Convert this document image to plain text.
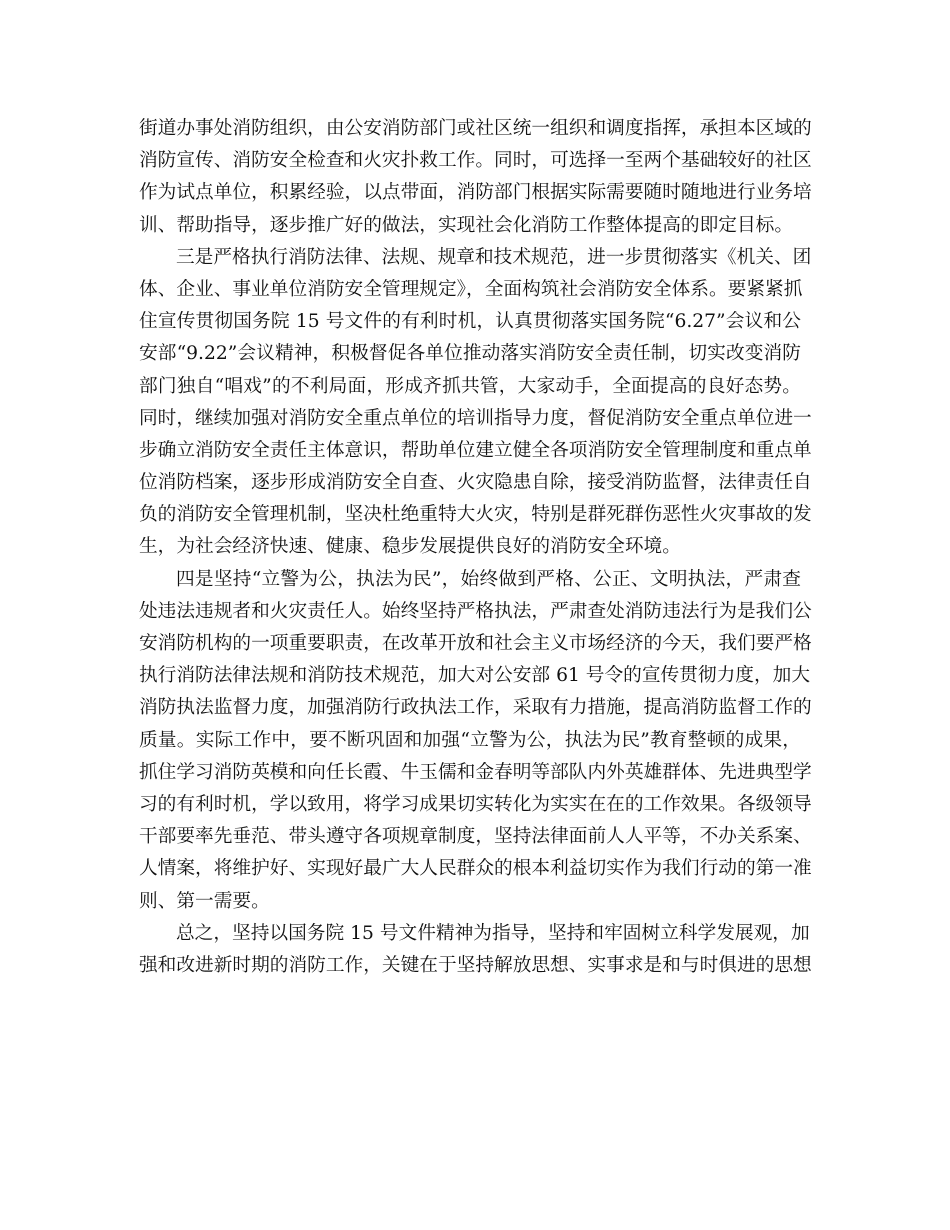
街道办事处消防组织，由公安消防部门或社区统一组织和调度指挥，承担本区域的
消防宣传、消防安全检查和火灾扑救工作。同时，可选择一至两个基础较好的社区
作为试点单位，积累经验，以点带面，消防部门根据实际需要随时随地进行业务培
训、帮助指导，逐步推广好的做法，实现社会化消防工作整体提高的即定目标。
三是严格执行消防法律、法规、规章和技术规范，进一步贯彻落实《机关、团
体、企业、事业单位消防安全管理规定》，全面构筑社会消防安全体系。要紧紧抓
住宣传贯彻国务院 15 号文件的有利时机，认真贯彻落实国务院“6.27”会议和公
安部“9.22”会议精神，积极督促各单位推动落实消防安全责任制，切实改变消防
部门独自“唱戏”的不利局面，形成齐抓共管，大家动手，全面提高的良好态势。
同时，继续加强对消防安全重点单位的培训指导力度，督促消防安全重点单位进一
步确立消防安全责任主体意识，帮助单位建立健全各项消防安全管理制度和重点单
位消防档案，逐步形成消防安全自查、火灾隐患自除，接受消防监督，法律责任自
负的消防安全管理机制，坚决杜绝重特大火灾，特别是群死群伤恶性火灾事故的发
生，为社会经济快速、健康、稳步发展提供良好的消防安全环境。
四是坚持“立警为公，执法为民”，始终做到严格、公正、文明执法，严肃查
处违法违规者和火灾责任人。始终坚持严格执法，严肃查处消防违法行为是我们公
安消防机构的一项重要职责，在改革开放和社会主义市场经济的今天，我们要严格
执行消防法律法规和消防技术规范，加大对公安部 61 号令的宣传贯彻力度，加大
消防执法监督力度，加强消防行政执法工作，采取有力措施，提高消防监督工作的
质量。实际工作中，要不断巩固和加强“立警为公，执法为民”教育整顿的成果，
抓住学习消防英模和向任长霞、牛玉儒和金春明等部队内外英雄群体、先进典型学
习的有利时机，学以致用，将学习成果切实转化为实实在在的工作效果。各级领导
干部要率先垂范、带头遵守各项规章制度，坚持法律面前人人平等，不办关系案、
人情案，将维护好、实现好最广大人民群众的根本利益切实作为我们行动的第一准
则、第一需要。
总之，坚持以国务院 15 号文件精神为指导，坚持和牢固树立科学发展观，加
强和改进新时期的消防工作，关键在于坚持解放思想、实事求是和与时俱进的思想
